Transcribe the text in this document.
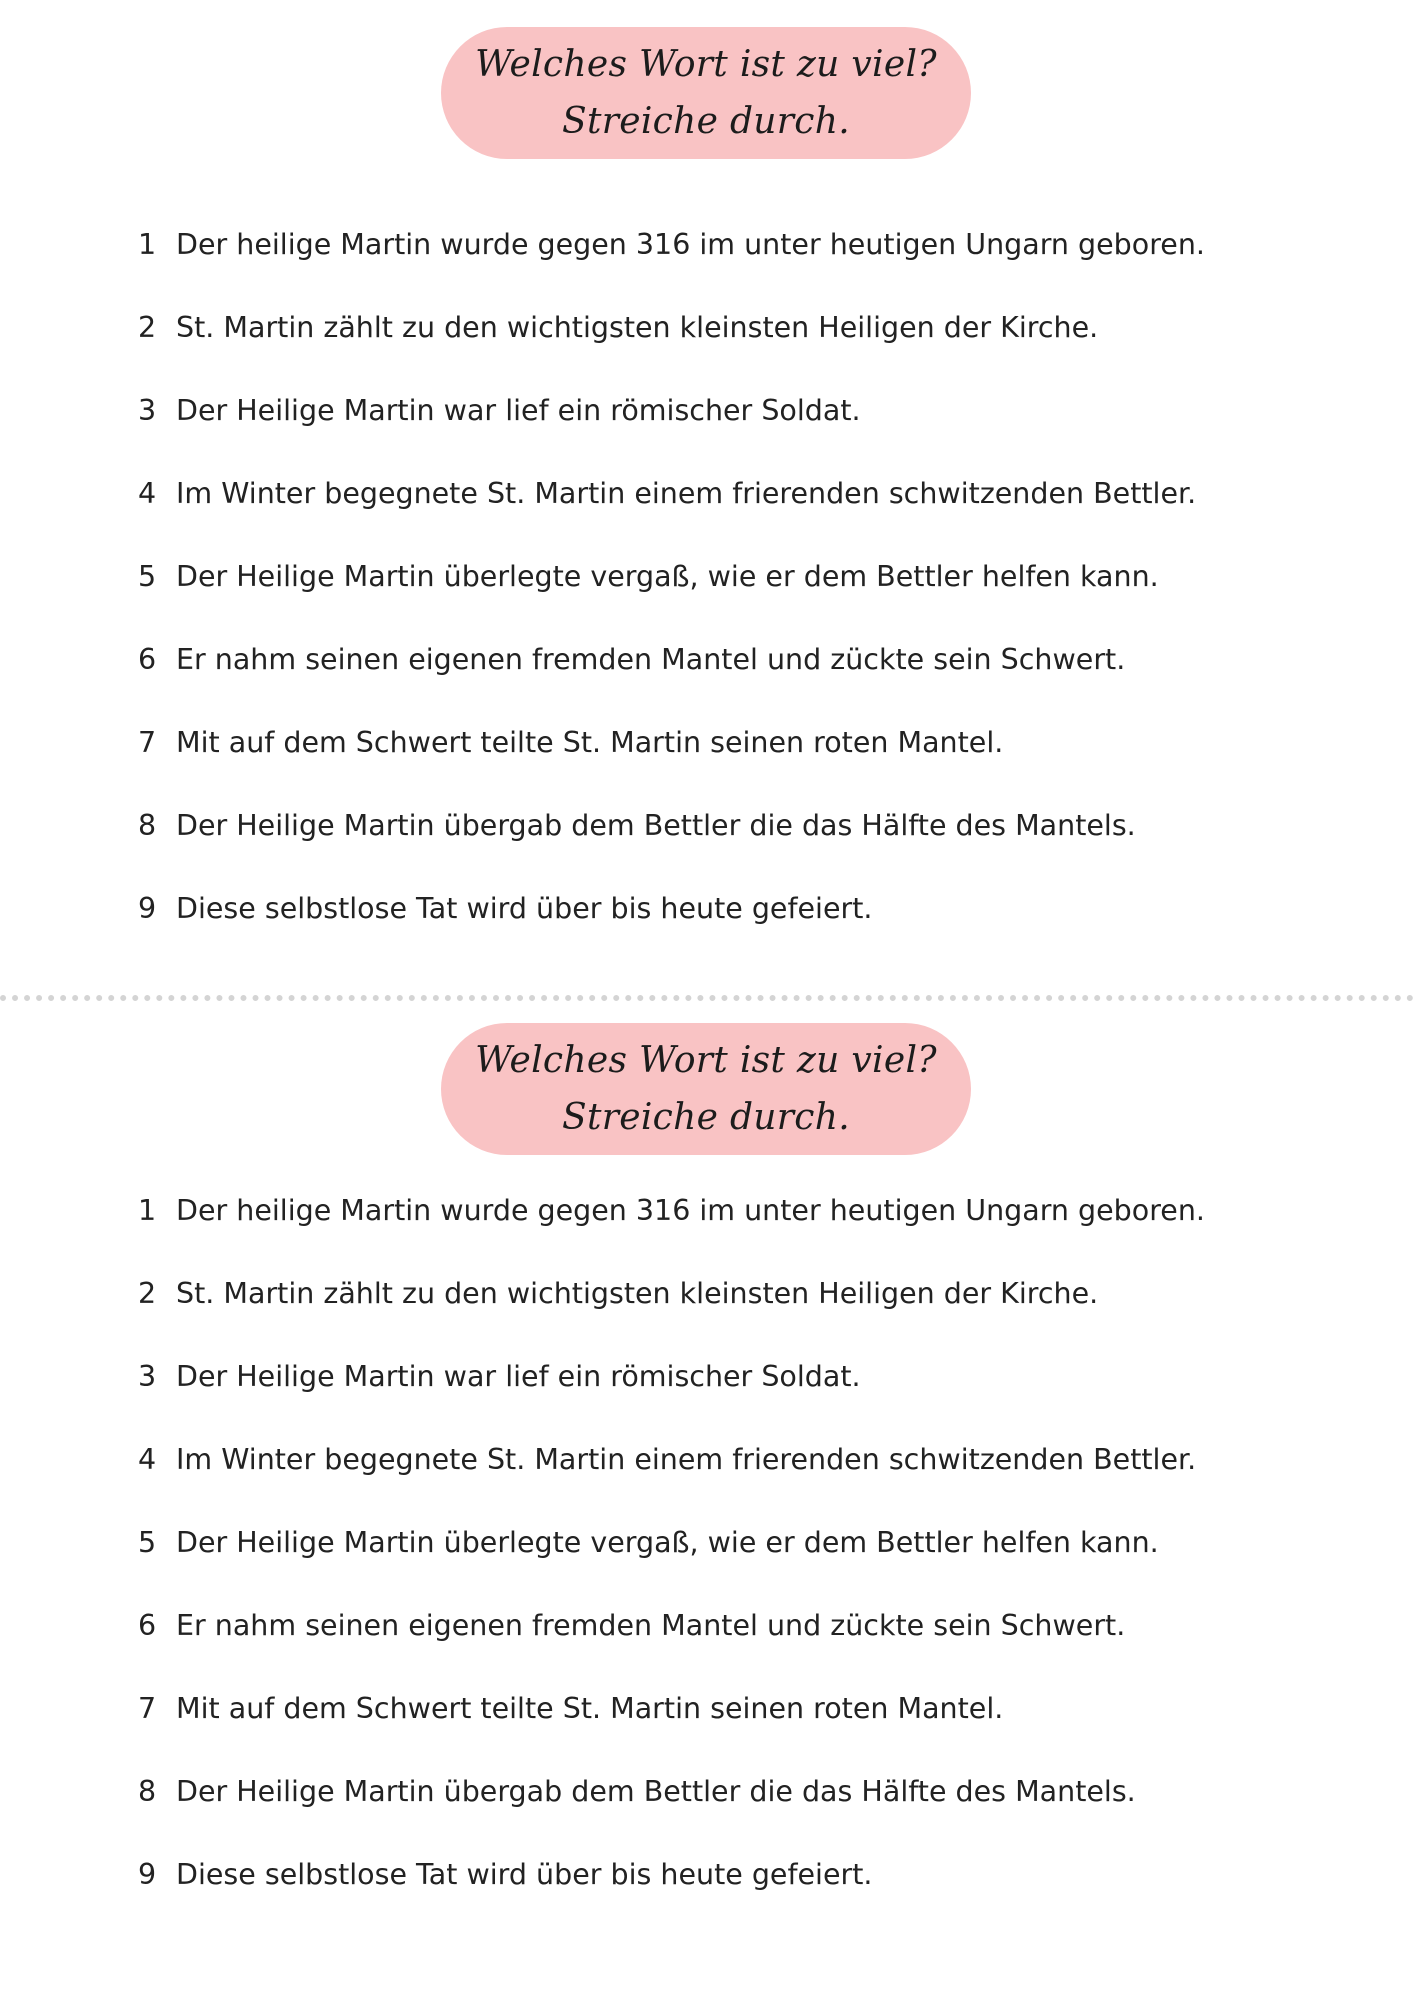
Welches Wort ist zu viel?
Streiche durch.
1 Der heilige Martin wurde gegen 316 im unter heutigen Ungarn geboren.
2 St. Martin zählt zu den wichtigsten kleinsten Heiligen der Kirche.
3 Der Heilige Martin war lief ein römischer Soldat.
4 Im Winter begegnete St. Martin einem frierenden schwitzenden Bettler.
5 Der Heilige Martin überlegte vergaß, wie er dem Bettler helfen kann.
6 Er nahm seinen eigenen fremden Mantel und zückte sein Schwert.
7 Mit auf dem Schwert teilte St. Martin seinen roten Mantel.
8 Der Heilige Martin übergab dem Bettler die das Hälfte des Mantels.
9 Diese selbstlose Tat wird über bis heute gefeiert.
Welches Wort ist zu viel?
Streiche durch.
1 Der heilige Martin wurde gegen 316 im unter heutigen Ungarn geboren.
2 St. Martin zählt zu den wichtigsten kleinsten Heiligen der Kirche.
3 Der Heilige Martin war lief ein römischer Soldat.
4 Im Winter begegnete St. Martin einem frierenden schwitzenden Bettler.
5 Der Heilige Martin überlegte vergaß, wie er dem Bettler helfen kann.
6 Er nahm seinen eigenen fremden Mantel und zückte sein Schwert.
7 Mit auf dem Schwert teilte St. Martin seinen roten Mantel.
8 Der Heilige Martin übergab dem Bettler die das Hälfte des Mantels.
9 Diese selbstlose Tat wird über bis heute gefeiert.
